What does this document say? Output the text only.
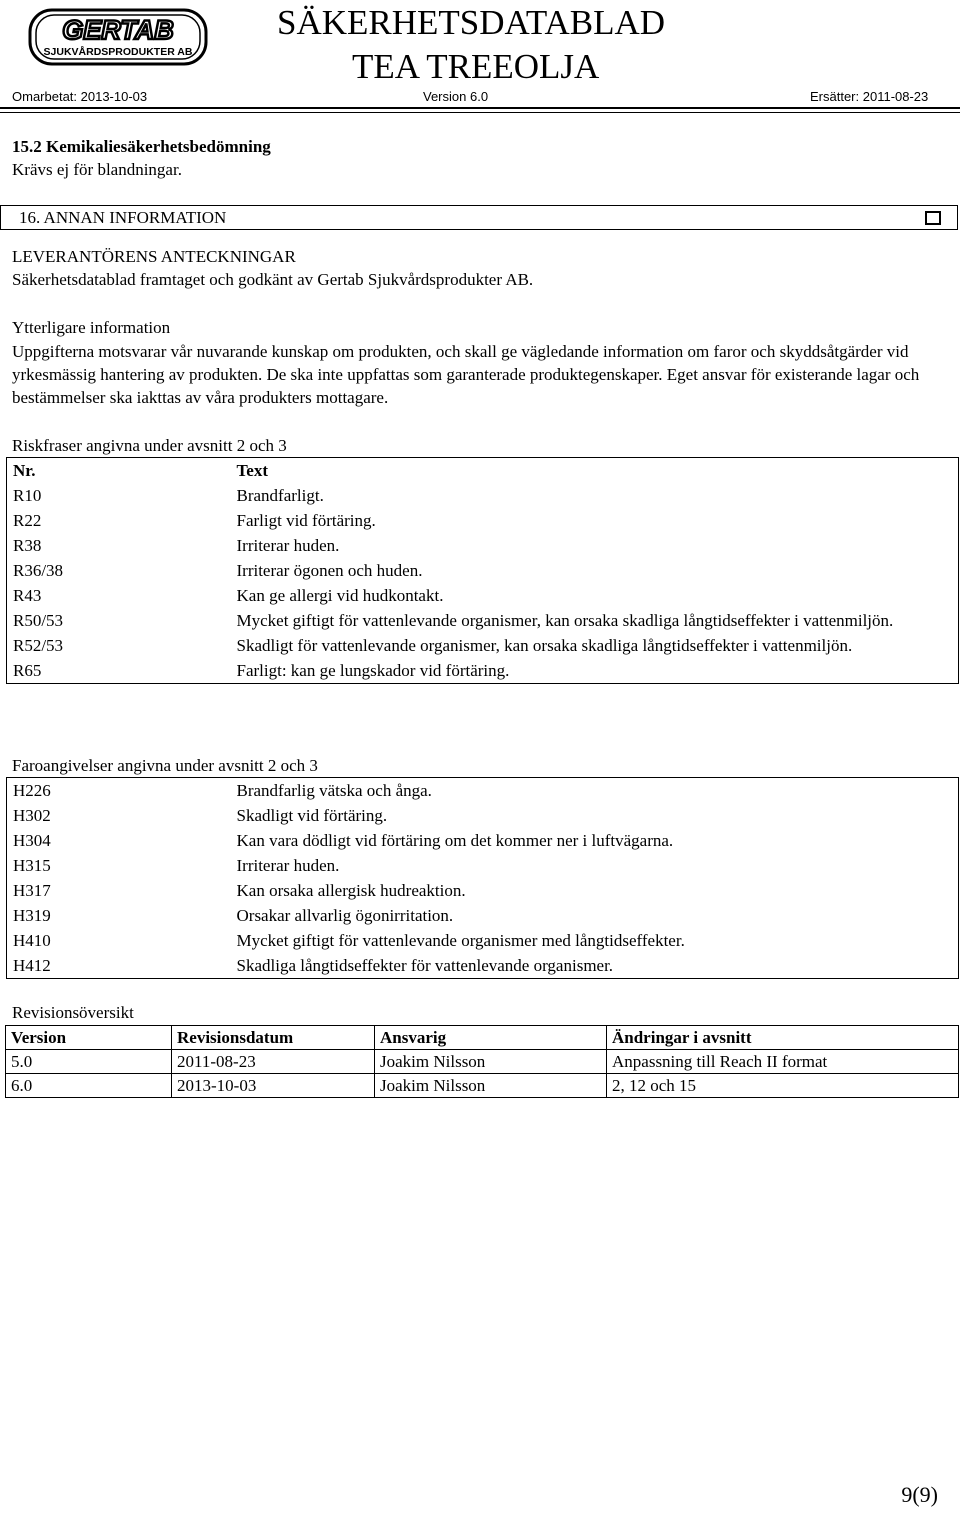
GERTAB
SJUKVÅRDSPRODUKTER AB
SÄKERHETSDATABLAD
TEA TREEOLJA
Omarbetat: 2013-10-03	Version 6.0	Ersätter: 2011-08-23
15.2 Kemikaliesäkerhetsbedömning
Krävs ej för blandningar.
16. ANNAN INFORMATION
LEVERANTÖRENS ANTECKNINGAR
Säkerhetsdatablad framtaget och godkänt av Gertab Sjukvårdsprodukter AB.
Ytterligare information
Uppgifterna motsvarar vår nuvarande kunskap om produkten, och skall ge vägledande information om faror och skyddsåtgärder vid yrkesmässig hantering av produkten. De ska inte uppfattas som garanterade produktegenskaper. Eget ansvar för existerande lagar och bestämmelser ska iakttas av våra produkters mottagare.
Riskfraser angivna under avsnitt 2 och 3
Nr.	Text
R10	Brandfarligt.
R22	Farligt vid förtäring.
R38	Irriterar huden.
R36/38	Irriterar ögonen och huden.
R43	Kan ge allergi vid hudkontakt.
R50/53	Mycket giftigt för vattenlevande organismer, kan orsaka skadliga långtidseffekter i vattenmiljön.
R52/53	Skadligt för vattenlevande organismer, kan orsaka skadliga långtidseffekter i vattenmiljön.
R65	Farligt: kan ge lungskador vid förtäring.
Faroangivelser angivna under avsnitt 2 och 3
H226	Brandfarlig vätska och ånga.
H302	Skadligt vid förtäring.
H304	Kan vara dödligt vid förtäring om det kommer ner i luftvägarna.
H315	Irriterar huden.
H317	Kan orsaka allergisk hudreaktion.
H319	Orsakar allvarlig ögonirritation.
H410	Mycket giftigt för vattenlevande organismer med långtidseffekter.
H412	Skadliga långtidseffekter för vattenlevande organismer.
Revisionsöversikt
Version	Revisionsdatum	Ansvarig	Ändringar i avsnitt
5.0	2011-08-23	Joakim Nilsson	Anpassning till Reach II format
6.0	2013-10-03	Joakim Nilsson	2, 12 och 15
9(9)
